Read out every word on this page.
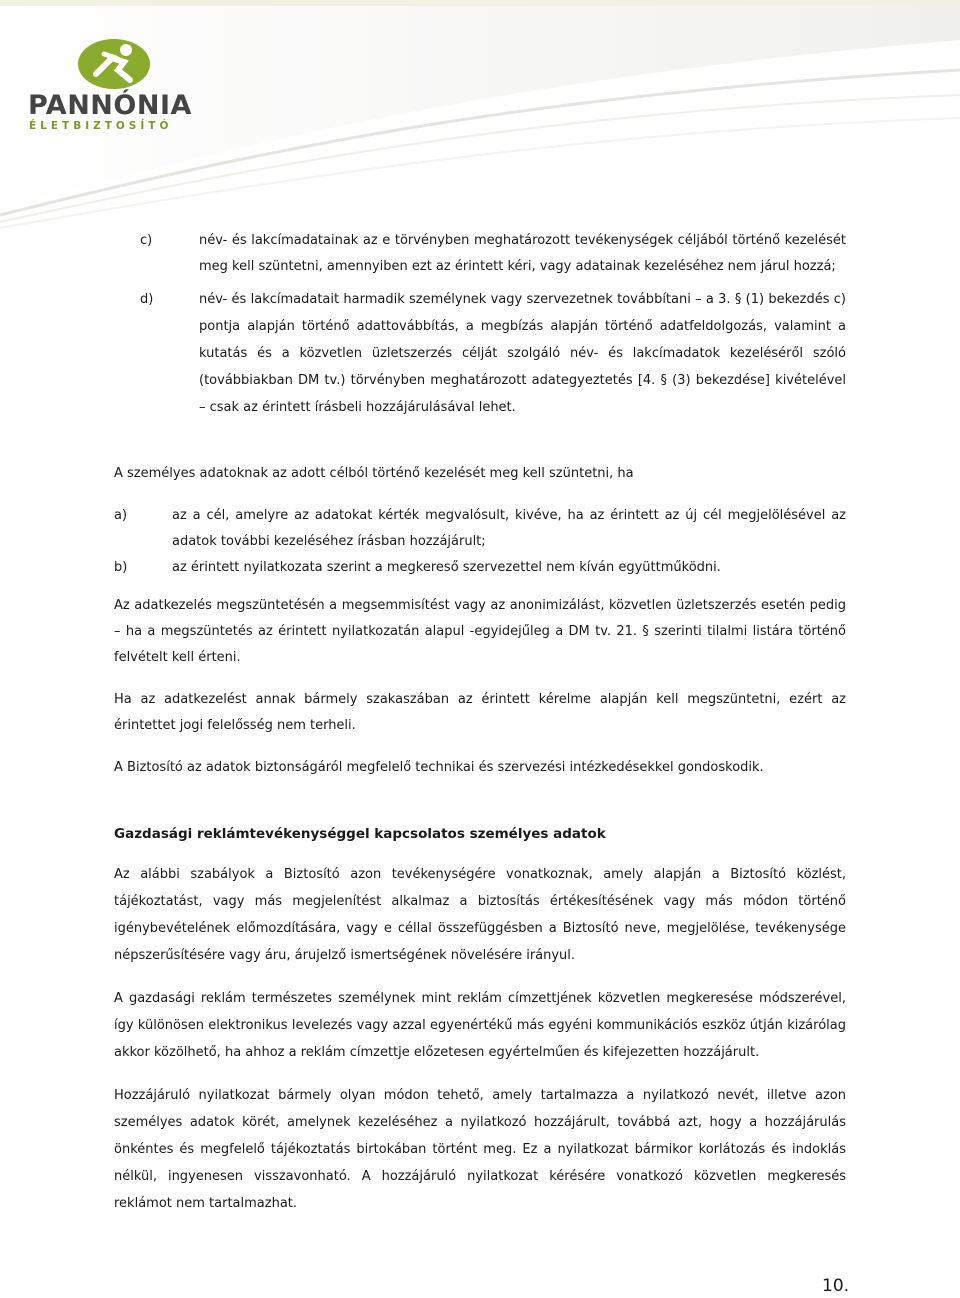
PANNÓNIA
ÉLETBIZTOSÍTÓ
c)	név- és lakcímadatainak az e törvényben meghatározott tevékenységek céljából történő kezelését meg kell szüntetni, amennyiben ezt az érintett kéri, vagy adatainak kezeléséhez nem járul hozzá;
d)	név- és lakcímadatait harmadik személynek vagy szervezetnek továbbítani – a 3. § (1) bekezdés c) pontja alapján történő adattovábbítás, a megbízás alapján történő adatfeldolgozás, valamint a kutatás és a közvetlen üzletszerzés célját szolgáló név- és lakcímadatok kezeléséről szóló (továbbiakban DM tv.) törvényben meghatározott adategyeztetés [4. § (3) bekezdése] kivételével – csak az érintett írásbeli hozzájárulásával lehet.

A személyes adatoknak az adott célból történő kezelését meg kell szüntetni, ha

a)	az a cél, amelyre az adatokat kérték megvalósult, kivéve, ha az érintett az új cél megjelölésével az adatok további kezeléséhez írásban hozzájárult;
b)	az érintett nyilatkozata szerint a megkereső szervezettel nem kíván együttműködni.

Az adatkezelés megszüntetésén a megsemmisítést vagy az anonimizálást, közvetlen üzletszerzés esetén pedig – ha a megszüntetés az érintett nyilatkozatán alapul -egyidejűleg a DM tv. 21. § szerinti tilalmi listára történő felvételt kell érteni.

Ha az adatkezelést annak bármely szakaszában az érintett kérelme alapján kell megszüntetni, ezért az érintettet jogi felelősség nem terheli.

A Biztosító az adatok biztonságáról megfelelő technikai és szervezési intézkedésekkel gondoskodik.

Gazdasági reklámtevékenységgel kapcsolatos személyes adatok

Az alábbi szabályok a Biztosító azon tevékenységére vonatkoznak, amely alapján a Biztosító közlést, tájékoztatást, vagy más megjelenítést alkalmaz a biztosítás értékesítésének vagy más módon történő igénybevételének előmozdítására, vagy e céllal összefüggésben a Biztosító neve, megjelölése, tevékenysége népszerűsítésére vagy áru, árujelző ismertségének növelésére irányul.

A gazdasági reklám természetes személynek mint reklám címzettjének közvetlen megkeresése módszerével, így különösen elektronikus levelezés vagy azzal egyenértékű más egyéni kommunikációs eszköz útján kizárólag akkor közölhető, ha ahhoz a reklám címzettje előzetesen egyértelműen és kifejezetten hozzájárult.

Hozzájáruló nyilatkozat bármely olyan módon tehető, amely tartalmazza a nyilatkozó nevét, illetve azon személyes adatok körét, amelynek kezeléséhez a nyilatkozó hozzájárult, továbbá azt, hogy a hozzájárulás önkéntes és megfelelő tájékoztatás birtokában történt meg. Ez a nyilatkozat bármikor korlátozás és indoklás nélkül, ingyenesen visszavonható. A hozzájáruló nyilatkozat kérésére vonatkozó közvetlen megkeresés reklámot nem tartalmazhat.

10.
